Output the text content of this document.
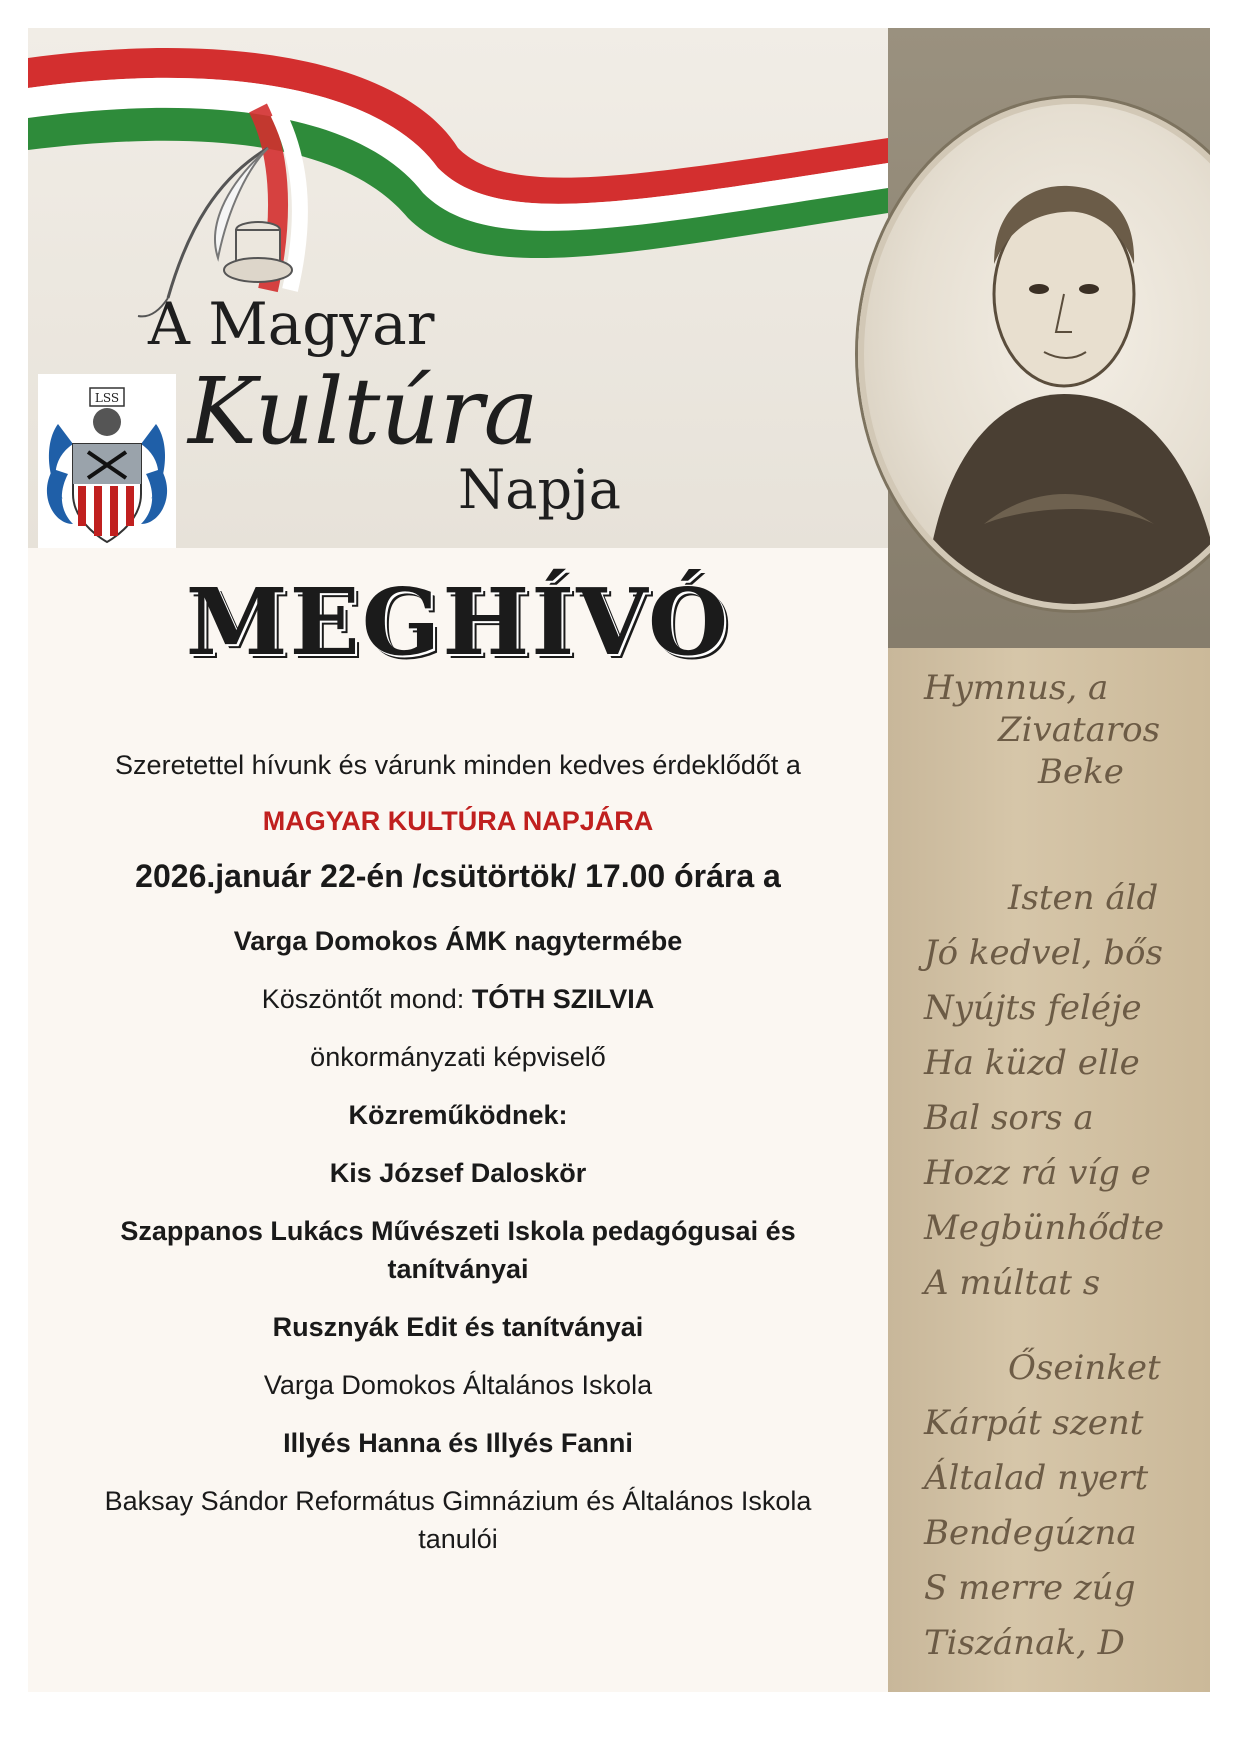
A Magyar
Kultúra
Napja
LSS
Hymnus, a
Zivataros
Beke
Isten áld
Jó kedvel, bős
Nyújts feléje
Ha küzd elle
Bal sors a
Hozz rá víg e
Megbünhődte
A múltat s
Őseinket
Kárpát szent
Általad nyert
Bendegúzna
S merre zúg
Tiszának, D
MEGHÍVÓ
Szeretettel hívunk és várunk minden kedves érdeklődőt a
MAGYAR KULTÚRA NAPJÁRA
2026.január 22-én /csütörtök/ 17.00 órára a
Varga Domokos ÁMK nagytermébe
Köszöntőt mond: TÓTH SZILVIA
önkormányzati képviselő
Közreműködnek:
Kis József Daloskör
Szappanos Lukács Művészeti Iskola pedagógusai és
tanítványai
Rusznyák Edit és tanítványai
Varga Domokos Általános Iskola
Illyés Hanna és Illyés Fanni
Baksay Sándor Református Gimnázium és Általános Iskola
tanulói
